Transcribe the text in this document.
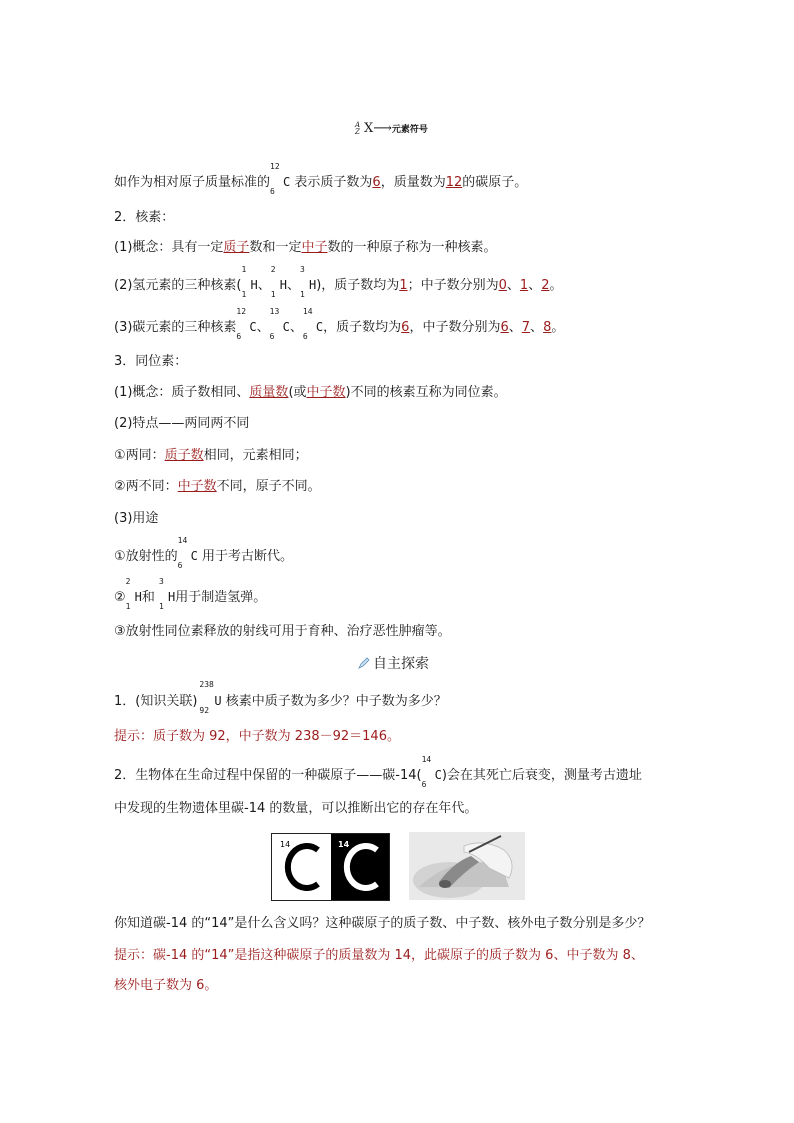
A
Z X⟶元素符号
如作为相对原子质量标准的
12
6
C 表示质子数为6，质量数为12的碳原子。
2．核素：
(1)概念：具有一定质子数和一定中子数的一种原子称为一种核素。
(2)氢元素的三种核素(
1
1
H、
2
1
H、
3
1
H)，质子数均为1；中子数分别为0、1、2。
(3)碳元素的三种核素
12
6
C、
13
6
C、
14
6
C，质子数均为6，中子数分别为6、7、8。
3．同位素：
(1)概念：质子数相同、质量数(或中子数)不同的核素互称为同位素。
(2)特点——两同两不同
①两同：质子数相同，元素相同；
②两不同：中子数不同，原子不同。
(3)用途
①放射性的
14
6
C 用于考古断代。
②
2
1
H和
3
1
H用于制造氢弹。
③放射性同位素释放的射线可用于育种、治疗恶性肿瘤等。
自主探索
1．(知识关联)
238
92
U 核素中质子数为多少？中子数为多少？
提示：质子数为 92，中子数为 238－92＝146。
2．生物体在生命过程中保留的一种碳原子——碳-14(
14
6
C)会在其死亡后衰变，测量考古遗址
中发现的生物遗体里碳-14 的数量，可以推断出它的存在年代。
14	14
你知道碳-14 的“14”是什么含义吗？这种碳原子的质子数、中子数、核外电子数分别是多少？
提示：碳-14 的“14”是指这种碳原子的质量数为 14，此碳原子的质子数为 6、中子数为 8、
核外电子数为 6。
